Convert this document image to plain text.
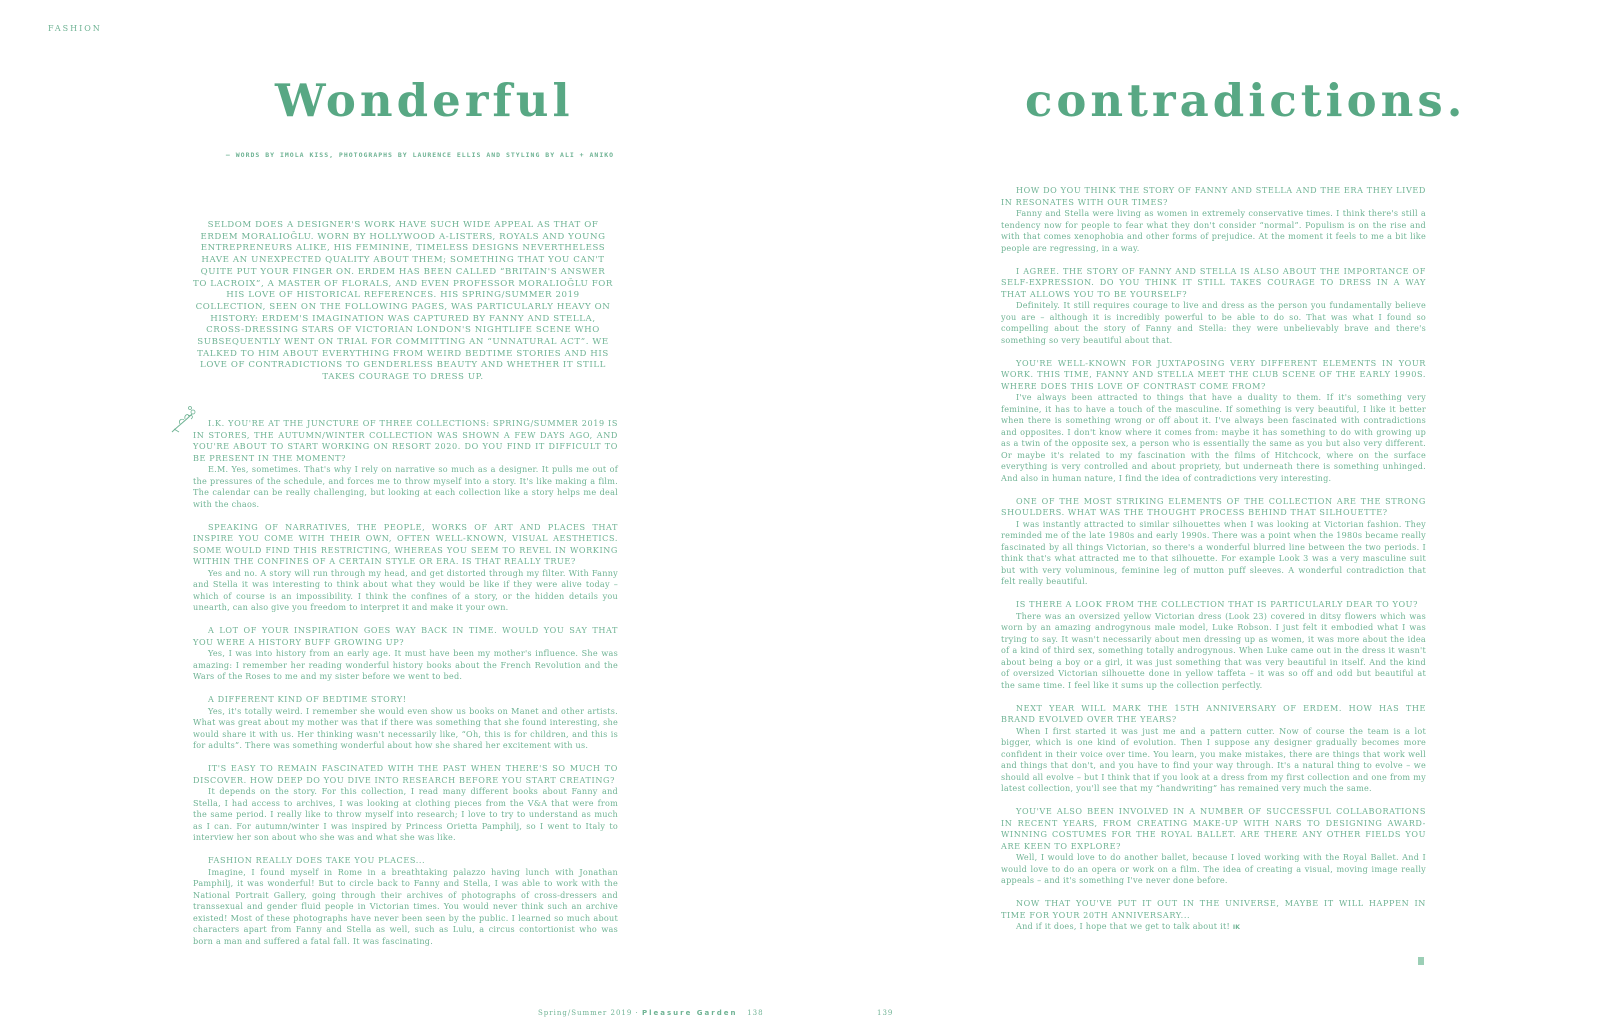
FASHION
Wonderful	contradictions.
— WORDS BY IMOLA KISS, PHOTOGRAPHS BY LAURENCE ELLIS AND STYLING BY ALI + ANIKO
SELDOM DOES A DESIGNER'S WORK HAVE SUCH WIDE APPEAL AS THAT OF ERDEM MORALIOĞLU. WORN BY HOLLYWOOD A-LISTERS, ROYALS AND YOUNG ENTREPRENEURS ALIKE, HIS FEMININE, TIMELESS DESIGNS NEVERTHELESS HAVE AN UNEXPECTED QUALITY ABOUT THEM; SOMETHING THAT YOU CAN'T QUITE PUT YOUR FINGER ON. ERDEM HAS BEEN CALLED “BRITAIN'S ANSWER TO LACROIX”, A MASTER OF FLORALS, AND EVEN PROFESSOR MORALIOĞLU FOR HIS LOVE OF HISTORICAL REFERENCES. HIS SPRING/SUMMER 2019 COLLECTION, SEEN ON THE FOLLOWING PAGES, WAS PARTICULARLY HEAVY ON HISTORY: ERDEM'S IMAGINATION WAS CAPTURED BY FANNY AND STELLA, CROSS-DRESSING STARS OF VICTORIAN LONDON'S NIGHTLIFE SCENE WHO SUBSEQUENTLY WENT ON TRIAL FOR COMMITTING AN “UNNATURAL ACT”. WE TALKED TO HIM ABOUT EVERYTHING FROM WEIRD BEDTIME STORIES AND HIS LOVE OF CONTRADICTIONS TO GENDERLESS BEAUTY AND WHETHER IT STILL TAKES COURAGE TO DRESS UP.
I.K. YOU'RE AT THE JUNCTURE OF THREE COLLECTIONS: SPRING/SUMMER 2019 IS IN STORES, THE AUTUMN/WINTER COLLECTION WAS SHOWN A FEW DAYS AGO, AND YOU'RE ABOUT TO START WORKING ON RESORT 2020. DO YOU FIND IT DIFFICULT TO BE PRESENT IN THE MOMENT?
E.M. Yes, sometimes. That's why I rely on narrative so much as a designer. It pulls me out of the pressures of the schedule, and forces me to throw myself into a story. It's like making a film. The calendar can be really challenging, but looking at each collection like a story helps me deal with the chaos.
SPEAKING OF NARRATIVES, THE PEOPLE, WORKS OF ART AND PLACES THAT INSPIRE YOU COME WITH THEIR OWN, OFTEN WELL-KNOWN, VISUAL AESTHETICS. SOME WOULD FIND THIS RESTRICTING, WHEREAS YOU SEEM TO REVEL IN WORKING WITHIN THE CONFINES OF A CERTAIN STYLE OR ERA. IS THAT REALLY TRUE?
Yes and no. A story will run through my head, and get distorted through my filter. With Fanny and Stella it was interesting to think about what they would be like if they were alive today – which of course is an impossibility. I think the confines of a story, or the hidden details you unearth, can also give you freedom to interpret it and make it your own.
A LOT OF YOUR INSPIRATION GOES WAY BACK IN TIME. WOULD YOU SAY THAT YOU WERE A HISTORY BUFF GROWING UP?
Yes, I was into history from an early age. It must have been my mother's influence. She was amazing: I remember her reading wonderful history books about the French Revolution and the Wars of the Roses to me and my sister before we went to bed.
A DIFFERENT KIND OF BEDTIME STORY!
Yes, it's totally weird. I remember she would even show us books on Manet and other artists. What was great about my mother was that if there was something that she found interesting, she would share it with us. Her thinking wasn't necessarily like, “Oh, this is for children, and this is for adults”. There was something wonderful about how she shared her excitement with us.
IT'S EASY TO REMAIN FASCINATED WITH THE PAST WHEN THERE'S SO MUCH TO DISCOVER. HOW DEEP DO YOU DIVE INTO RESEARCH BEFORE YOU START CREATING?
It depends on the story. For this collection, I read many different books about Fanny and Stella, I had access to archives, I was looking at clothing pieces from the V&A that were from the same period. I really like to throw myself into research; I love to try to understand as much as I can. For autumn/winter I was inspired by Princess Orietta Pamphilj, so I went to Italy to interview her son about who she was and what she was like.
FASHION REALLY DOES TAKE YOU PLACES...
Imagine, I found myself in Rome in a breathtaking palazzo having lunch with Jonathan Pamphilj, it was wonderful! But to circle back to Fanny and Stella, I was able to work with the National Portrait Gallery, going through their archives of photographs of cross-dressers and transsexual and gender fluid people in Victorian times. You would never think such an archive existed! Most of these photographs have never been seen by the public. I learned so much about characters apart from Fanny and Stella as well, such as Lulu, a circus contortionist who was born a man and suffered a fatal fall. It was fascinating.
HOW DO YOU THINK THE STORY OF FANNY AND STELLA AND THE ERA THEY LIVED IN RESONATES WITH OUR TIMES?
Fanny and Stella were living as women in extremely conservative times. I think there's still a tendency now for people to fear what they don't consider “normal”. Populism is on the rise and with that comes xenophobia and other forms of prejudice. At the moment it feels to me a bit like people are regressing, in a way.
I AGREE. THE STORY OF FANNY AND STELLA IS ALSO ABOUT THE IMPORTANCE OF SELF-EXPRESSION. DO YOU THINK IT STILL TAKES COURAGE TO DRESS IN A WAY THAT ALLOWS YOU TO BE YOURSELF?
Definitely. It still requires courage to live and dress as the person you fundamentally believe you are – although it is incredibly powerful to be able to do so. That was what I found so compelling about the story of Fanny and Stella: they were unbelievably brave and there's something so very beautiful about that.
YOU'RE WELL-KNOWN FOR JUXTAPOSING VERY DIFFERENT ELEMENTS IN YOUR WORK. THIS TIME, FANNY AND STELLA MEET THE CLUB SCENE OF THE EARLY 1990S. WHERE DOES THIS LOVE OF CONTRAST COME FROM?
I've always been attracted to things that have a duality to them. If it's something very feminine, it has to have a touch of the masculine. If something is very beautiful, I like it better when there is something wrong or off about it. I've always been fascinated with contradictions and opposites. I don't know where it comes from: maybe it has something to do with growing up as a twin of the opposite sex, a person who is essentially the same as you but also very different. Or maybe it's related to my fascination with the films of Hitchcock, where on the surface everything is very controlled and about propriety, but underneath there is something unhinged. And also in human nature, I find the idea of contradictions very interesting.
ONE OF THE MOST STRIKING ELEMENTS OF THE COLLECTION ARE THE STRONG SHOULDERS. WHAT WAS THE THOUGHT PROCESS BEHIND THAT SILHOUETTE?
I was instantly attracted to similar silhouettes when I was looking at Victorian fashion. They reminded me of the late 1980s and early 1990s. There was a point when the 1980s became really fascinated by all things Victorian, so there's a wonderful blurred line between the two periods. I think that's what attracted me to that silhouette. For example Look 3 was a very masculine suit but with very voluminous, feminine leg of mutton puff sleeves. A wonderful contradiction that felt really beautiful.
IS THERE A LOOK FROM THE COLLECTION THAT IS PARTICULARLY DEAR TO YOU?
There was an oversized yellow Victorian dress (Look 23) covered in ditsy flowers which was worn by an amazing androgynous male model, Luke Robson. I just felt it embodied what I was trying to say. It wasn't necessarily about men dressing up as women, it was more about the idea of a kind of third sex, something totally androgynous. When Luke came out in the dress it wasn't about being a boy or a girl, it was just something that was very beautiful in itself. And the kind of oversized Victorian silhouette done in yellow taffeta – it was so off and odd but beautiful at the same time. I feel like it sums up the collection perfectly.
NEXT YEAR WILL MARK THE 15TH ANNIVERSARY OF ERDEM. HOW HAS THE BRAND EVOLVED OVER THE YEARS?
When I first started it was just me and a pattern cutter. Now of course the team is a lot bigger, which is one kind of evolution. Then I suppose any designer gradually becomes more confident in their voice over time. You learn, you make mistakes, there are things that work well and things that don't, and you have to find your way through. It's a natural thing to evolve – we should all evolve – but I think that if you look at a dress from my first collection and one from my latest collection, you'll see that my “handwriting” has remained very much the same.
YOU'VE ALSO BEEN INVOLVED IN A NUMBER OF SUCCESSFUL COLLABORATIONS IN RECENT YEARS, FROM CREATING MAKE-UP WITH NARS TO DESIGNING AWARD-WINNING COSTUMES FOR THE ROYAL BALLET. ARE THERE ANY OTHER FIELDS YOU ARE KEEN TO EXPLORE?
Well, I would love to do another ballet, because I loved working with the Royal Ballet. And I would love to do an opera or work on a film. The idea of creating a visual, moving image really appeals – and it's something I've never done before.
NOW THAT YOU'VE PUT IT OUT IN THE UNIVERSE, MAYBE IT WILL HAPPEN IN TIME FOR YOUR 20TH ANNIVERSARY...
And if it does, I hope that we get to talk about it! IK
Spring/Summer 2019 · Pleasure Garden 138	139
